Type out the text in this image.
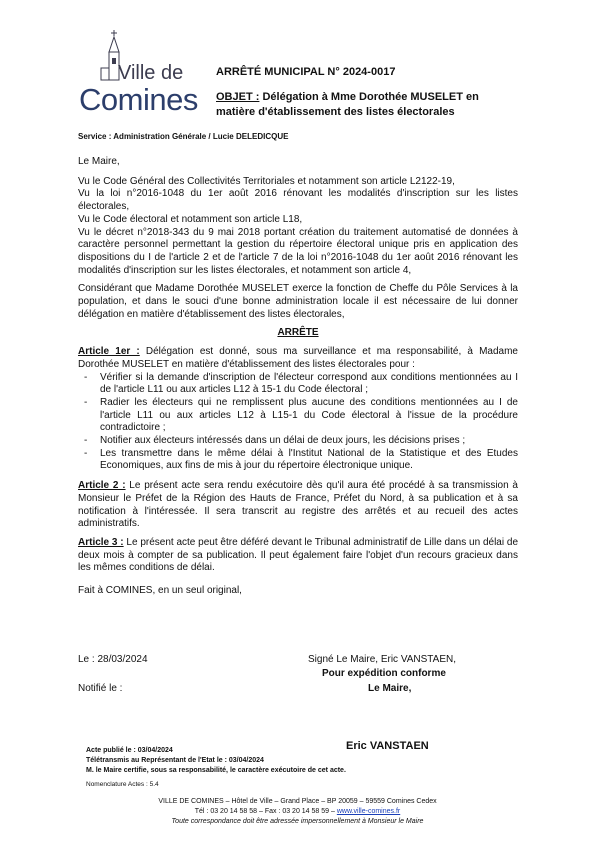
Ville de
Comines
ARRÊTÉ MUNICIPAL N° 2024-0017
OBJET : Délégation à Mme Dorothée MUSELET en matière d'établissement des listes électorales
Service : Administration Générale / Lucie DELEDICQUE

Le Maire,

Vu le Code Général des Collectivités Territoriales et notamment son article L2122-19,

Vu la loi n°2016-1048 du 1er août 2016 rénovant les modalités d'inscription sur les listes électorales,

Vu le Code électoral et notamment son article L18,

Vu le décret n°2018-343 du 9 mai 2018 portant création du traitement automatisé de données à caractère personnel permettant la gestion du répertoire électoral unique pris en application des dispositions du I de l'article 2 et de l'article 7 de la loi n°2016-1048 du 1er août 2016 rénovant les modalités d'inscription sur les listes électorales, et notamment son article 4,

Considérant que Madame Dorothée MUSELET exerce la fonction de Cheffe du Pôle Services à la population, et dans le souci d'une bonne administration locale il est nécessaire de lui donner délégation en matière d'établissement des listes électorales,

ARRÊTE

Article 1er : Délégation est donné, sous ma surveillance et ma responsabilité, à Madame Dorothée MUSELET en matière d'établissement des listes électorales pour :

- Vérifier si la demande d'inscription de l'électeur correspond aux conditions mentionnées au I de l'article L11 ou aux articles L12 à 15-1 du Code électoral ;
- Radier les électeurs qui ne remplissent plus aucune des conditions mentionnées au I de l'article L11 ou aux articles L12 à L15-1 du Code électoral à l'issue de la procédure contradictoire ;
- Notifier aux électeurs intéressés dans un délai de deux jours, les décisions prises ;
- Les transmettre dans le même délai à l'Institut National de la Statistique et des Etudes Economiques, aux fins de mis à jour du répertoire électronique unique.

Article 2 : Le présent acte sera rendu exécutoire dès qu'il aura été procédé à sa transmission à Monsieur le Préfet de la Région des Hauts de France, Préfet du Nord, à sa publication et à sa notification à l'intéressée. Il sera transcrit au registre des arrêtés et au recueil des actes administratifs.

Article 3 : Le présent acte peut être déféré devant le Tribunal administratif de Lille dans un délai de deux mois à compter de sa publication. Il peut également faire l'objet d'un recours gracieux dans les mêmes conditions de délai.

Fait à COMINES, en un seul original,

Le : 28/03/2024	Signé Le Maire, Eric VANSTAEN,
Pour expédition conforme
Notifié le :	Le Maire,
Eric VANSTAEN
Acte publié le : 03/04/2024
Télétransmis au Représentant de l'Etat le : 03/04/2024
M. le Maire certifie, sous sa responsabilité, le caractère exécutoire de cet acte.
Nomenclature Actes : 5.4
VILLE DE COMINES – Hôtel de Ville – Grand Place – BP 20059 – 59559 Comines Cedex
Tél : 03 20 14 58 58 – Fax : 03 20 14 58 59 – www.ville-comines.fr
Toute correspondance doit être adressée impersonnellement à Monsieur le Maire
